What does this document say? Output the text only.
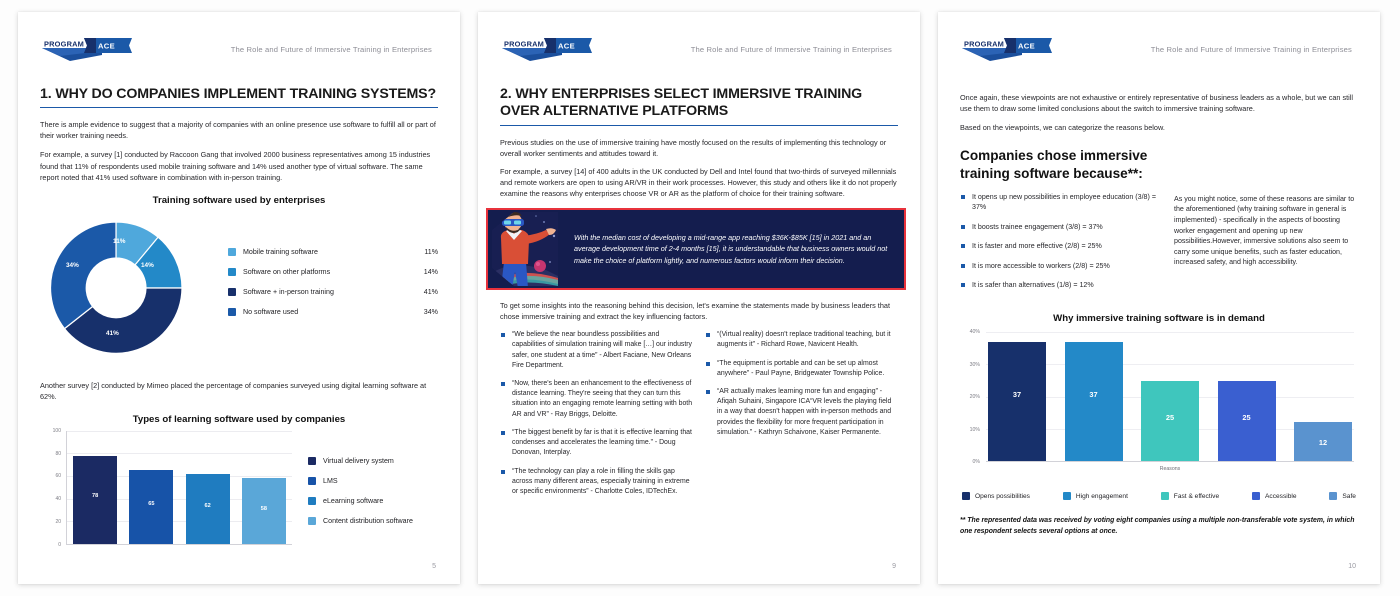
PROGRAM ACE	The Role and Future of Immersive Training in Enterprises
1. WHY DO COMPANIES IMPLEMENT TRAINING SYSTEMS?

There is ample evidence to suggest that a majority of companies with an online presence use software to fulfill all or part of their worker training needs.

For example, a survey [1] conducted by Raccoon Gang that involved 2000 business representatives among 15 industries found that 11% of respondents used mobile training software and 14% used another type of virtual software. The same report noted that 41% used software in combination with in-person training.

Training software used by enterprises
11%
14%
41%
34%
Mobile training software	11%
Software on other platforms	14%
Software + in-person training	41%
No software used	34%

Another survey [2] conducted by Mimeo placed the percentage of companies surveyed using digital learning software at 62%.

Types of learning software used by companies
100
80
60
40
20
0
78
65	62	58
Virtual delivery system
LMS
eLearning software
Content distribution software
5
PROGRAM ACE	The Role and Future of Immersive Training in Enterprises
2. WHY ENTERPRISES SELECT IMMERSIVE TRAINING OVER ALTERNATIVE PLATFORMS

Previous studies on the use of immersive training have mostly focused on the results of implementing this technology or overall worker sentiments and attitudes toward it.

For example, a survey [14] of 400 adults in the UK conducted by Dell and Intel found that two-thirds of surveyed millennials and remote workers are open to using AR/VR in their work processes. However, this study and others like it do not properly examine the reasons why enterprises choose VR or AR as the platform of choice for their training software.

With the median cost of developing a mid-range app reaching $36K-$85K [15] in 2021 and an average development time of 2-4 months [15], it is understandable that business owners would not make the choice of platform lightly, and numerous factors would inform their decision.

To get some insights into the reasoning behind this decision, let's examine the statements made by business leaders that chose immersive training and extract the key influencing factors.

“We believe the near boundless possibilities and capabilities of simulation training will make […] our industry safer, one student at a time” - Albert Faciane, New Orleans Fire Department.
“Now, there's been an enhancement to the effectiveness of distance learning. They're seeing that they can turn this situation into an engaging remote learning setting with both AR and VR” - Ray Briggs, Deloitte.
“The biggest benefit by far is that it is effective learning that condenses and accelerates the learning time.” - Doug Donovan, Interplay.
“The technology can play a role in filling the skills gap across many different areas, especially training in extreme or specific environments” - Charlotte Coles, IDTechEx.
“(Virtual reality) doesn't replace traditional teaching, but it augments it” - Richard Rowe, Navicent Health.
“The equipment is portable and can be set up almost anywhere” - Paul Payne, Bridgewater Township Police.
“AR actually makes learning more fun and engaging” - Afiqah Suhaini, Singapore ICA“VR levels the playing field in a way that doesn't happen with in-person methods and provides the flexibility for more frequent participation in simulation.” - Kathryn Schaivone, Kaiser Permanente.
9
PROGRAM ACE	The Role and Future of Immersive Training in Enterprises

Once again, these viewpoints are not exhaustive or entirely representative of business leaders as a whole, but we can still use them to draw some limited conclusions about the switch to immersive training software.

Based on the viewpoints, we can categorize the reasons below.

Companies chose immersive training software because**:
It opens up new possibilities in employee education (3/8) = 37%
It boosts trainee engagement (3/8) = 37%
It is faster and more effective (2/8) = 25%
It is more accessible to workers (2/8) = 25%
It is safer than alternatives (1/8) = 12%
As you might notice, some of these reasons are similar to the aforementioned (why training software in general is implemented) - specifically in the aspects of boosting worker engagement and opening up new possibilities.However, immersive solutions also seem to carry some unique benefits, such as faster education, increased safety, and high accessibility.
Why immersive training software is in demand
40%
30%
20%
10%
0%
37	37
25	25
12
Reasons
Opens possibilities	High engagement	Fast & effective	Accessible	Safe
** The represented data was received by voting eight companies using a multiple non-transferable vote system, in which one respondent selects several options at once.
10
